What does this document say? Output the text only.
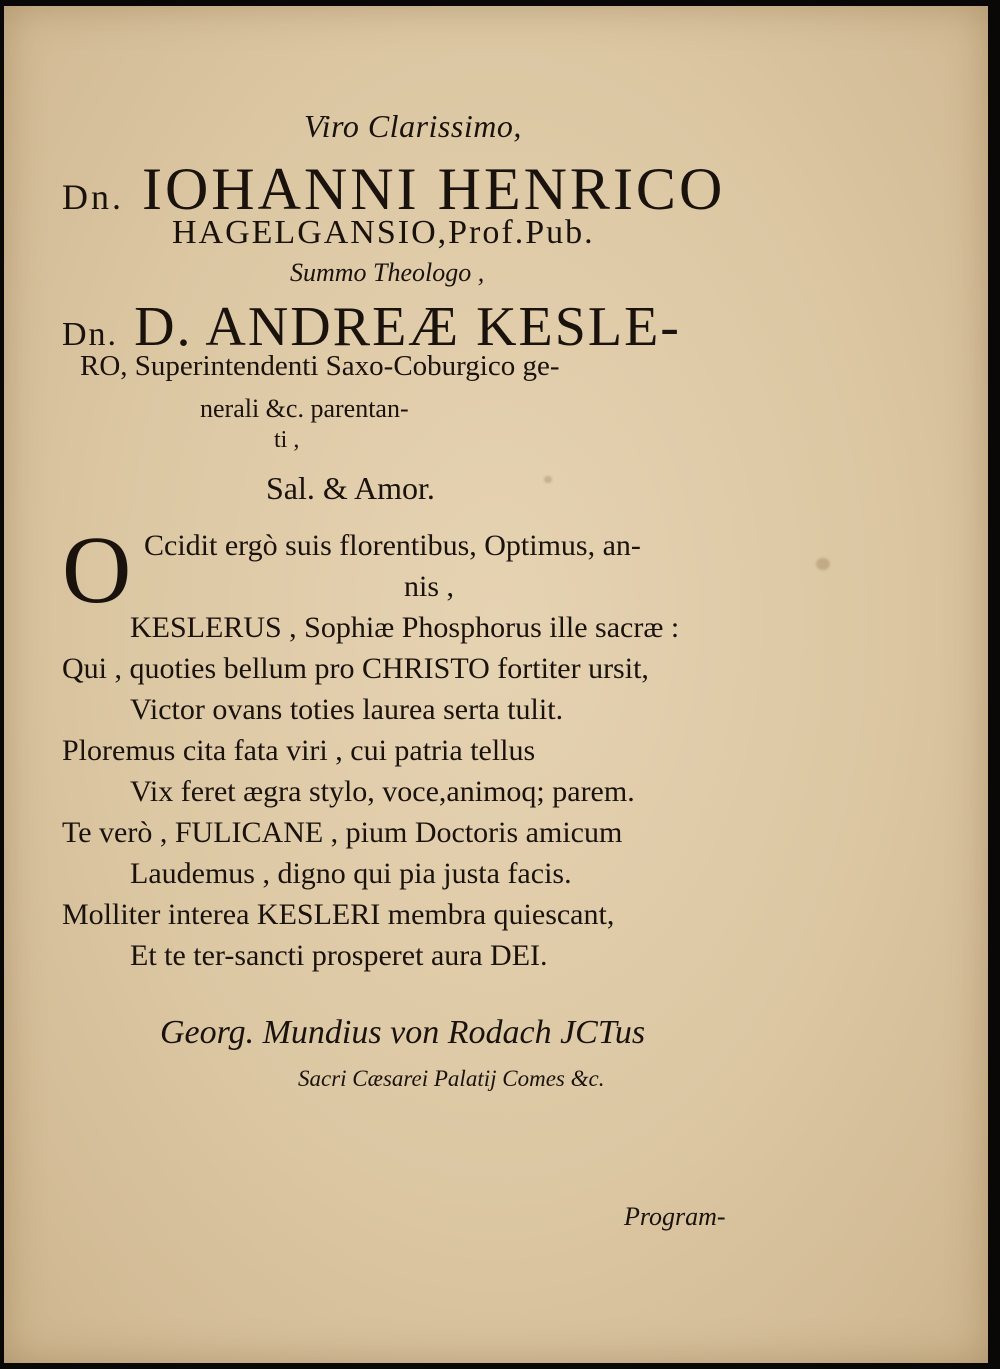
Viro Clarissimo,
Dn. IOHANNI HENRICO
HAGELGANSIO,Prof.Pub.
Summo Theologo ,
Dn. D. ANDREÆ KESLE-
RO, Superintendenti Saxo-Coburgico ge-
nerali &c. parentan-
ti ,
Sal. & Amor.
O Ccidit ergò suis florentibus, Optimus, an-
nis ,
KESLERUS , Sophiæ Phosphorus ille sacræ :
Qui , quoties bellum pro CHRISTO fortiter ursit,
Victor ovans toties laurea serta tulit.
Ploremus cita fata viri , cui patria tellus
Vix feret ægra stylo, voce,animoq; parem.
Te verò , FULICANE , pium Doctoris amicum
Laudemus , digno qui pia justa facis.
Molliter interea KESLERI membra quiescant,
Et te ter-sancti prosperet aura DEI.
Georg. Mundius von Rodach JCTus
Sacri Cæsarei Palatij Comes &c.
Program-
